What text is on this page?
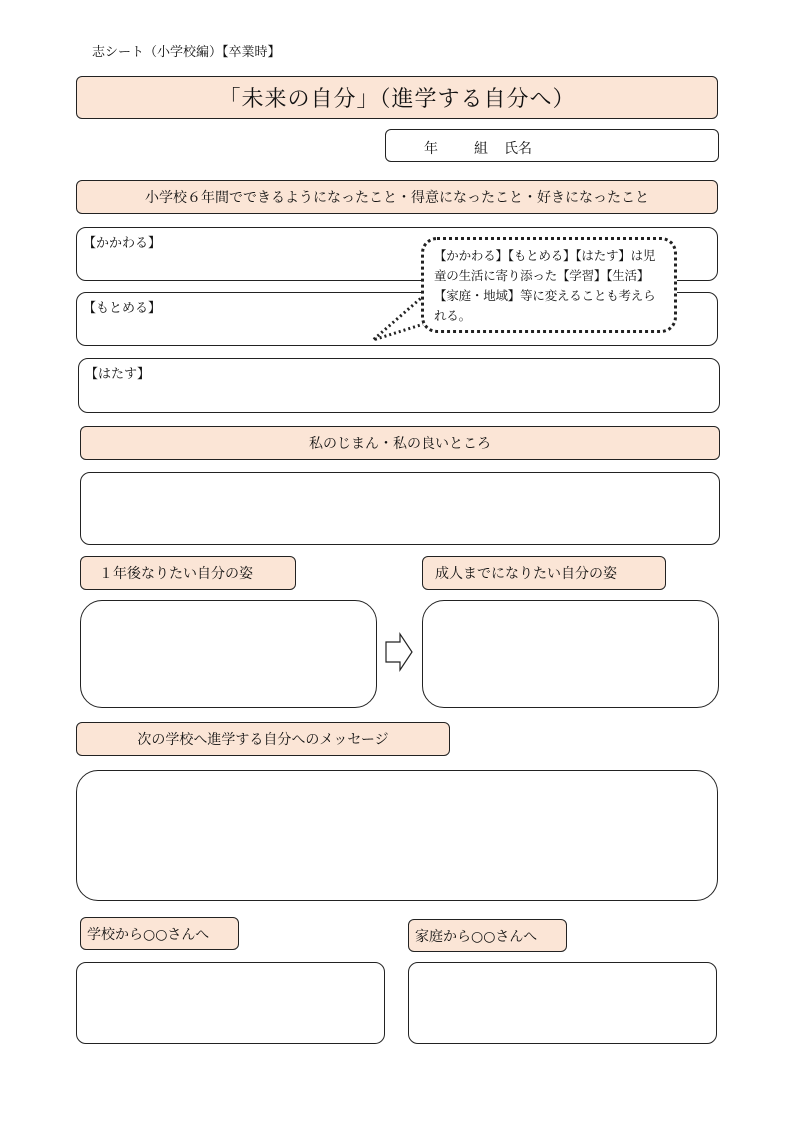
志シート（小学校編）【卒業時】
「未来の自分」（進学する自分へ）
年	組 氏名
小学校６年間でできるようになったこと・得意になったこと・好きになったこと
【かかわる】
【もとめる】
【はたす】
【かかわる】【もとめる】【はたす】は児童の生活に寄り添った【学習】【生活】【家庭・地域】等に変えることも考えられる。
私のじまん・私の良いところ
１年後なりたい自分の姿	成人までになりたい自分の姿
次の学校へ進学する自分へのメッセージ
学校から○○さんへ	家庭から○○さんへ
